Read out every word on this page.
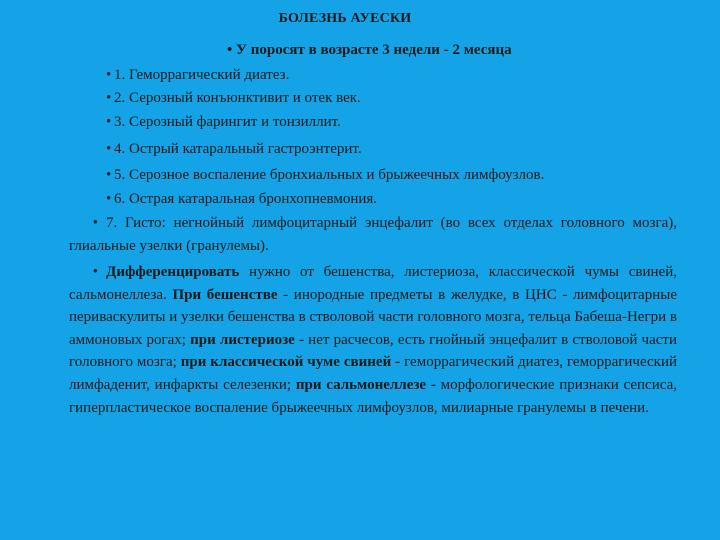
БОЛЕЗНЬ АУЕСКИ
• У поросят в возрасте 3 недели - 2 месяца
• 1. Геморрагический диатез.
• 2. Серозный конъюнктивит и отек век.
• 3. Серозный фарингит и тонзиллит.
• 4. Острый катаральный гастроэнтерит.
• 5. Серозное воспаление бронхиальных и брыжеечных лимфоузлов.
• 6. Острая катаральная бронхопневмония.
• 7. Гисто: негнойный лимфоцитарный энцефалит (во всех отделах головного мозга), глиальные узелки (гранулемы).
• Дифференцировать нужно от бешенства, листериоза, классической чумы свиней, сальмонеллеза. При бешенстве - инородные предметы в желудке, в ЦНС - лимфоцитарные периваскулиты и узелки бешенства в стволовой части головного мозга, тельца Бабеша-Негри в аммоновых рогах; при листериозе - нет расчесов, есть гнойный энцефалит в стволовой части головного мозга; при классической чуме свиней - геморрагический диатез, геморрагический лимфаденит, инфаркты селезенки; при сальмонеллезе - морфологические признаки сепсиса, гиперпластическое воспаление брыжеечных лимфоузлов, милиарные гранулемы в печени.
